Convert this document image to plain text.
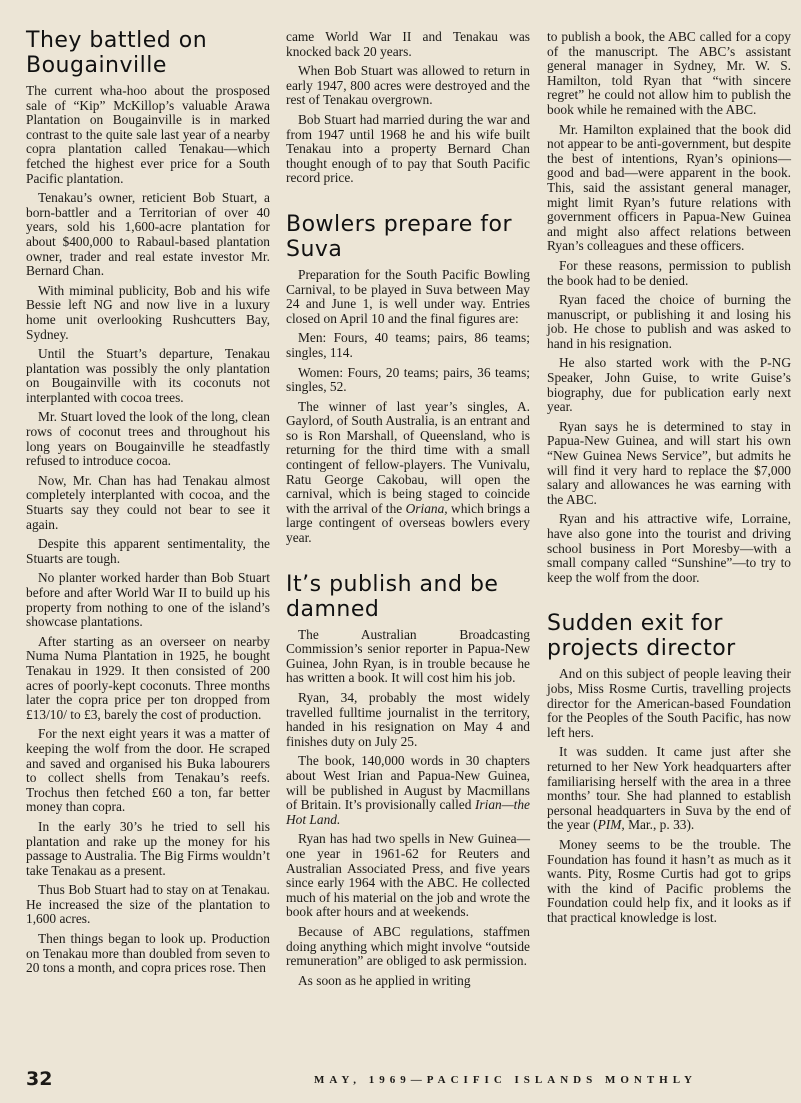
They battled on Bougainville

The current wha-hoo about the prosposed sale of “Kip” McKillop’s valuable Arawa Plantation on Bougainville is in marked contrast to the quite sale last year of a nearby copra plantation called Tenakau—which fetched the highest ever price for a South Pacific plantation.

Tenakau’s owner, reticient Bob Stuart, a born-battler and a Territorian of over 40 years, sold his 1,600-acre plantation for about $400,000 to Rabaul-based plantation owner, trader and real estate investor Mr. Bernard Chan.

With miminal publicity, Bob and his wife Bessie left NG and now live in a luxury home unit overlooking Rushcutters Bay, Sydney.

Until the Stuart’s departure, Tenakau plantation was possibly the only plantation on Bougainville with its coconuts not interplanted with cocoa trees.

Mr. Stuart loved the look of the long, clean rows of coconut trees and throughout his long years on Bougainville he steadfastly refused to introduce cocoa.

Now, Mr. Chan has had Tenakau almost completely interplanted with cocoa, and the Stuarts say they could not bear to see it again.

Despite this apparent sentimentality, the Stuarts are tough.

No planter worked harder than Bob Stuart before and after World War II to build up his property from nothing to one of the island’s showcase plantations.

After starting as an overseer on nearby Numa Numa Plantation in 1925, he bought Tenakau in 1929. It then consisted of 200 acres of poorly-kept coconuts. Three months later the copra price per ton dropped from £13/10/ to £3, barely the cost of production.

For the next eight years it was a matter of keeping the wolf from the door. He scraped and saved and organised his Buka labourers to collect shells from Tenakau’s reefs. Trochus then fetched £60 a ton, far better money than copra.

In the early 30’s he tried to sell his plantation and rake up the money for his passage to Australia. The Big Firms wouldn’t take Tenakau as a present.

Thus Bob Stuart had to stay on at Tenakau. He increased the size of the plantation to 1,600 acres.

Then things began to look up. Production on Tenakau more than doubled from seven to 20 tons a month, and copra prices rose. Then

came World War II and Tenakau was knocked back 20 years.

When Bob Stuart was allowed to return in early 1947, 800 acres were destroyed and the rest of Tenakau overgrown.

Bob Stuart had married during the war and from 1947 until 1968 he and his wife built Tenakau into a property Bernard Chan thought enough of to pay that South Pacific record price.

Bowlers prepare for Suva

Preparation for the South Pacific Bowling Carnival, to be played in Suva between May 24 and June 1, is well under way. Entries closed on April 10 and the final figures are:

Men: Fours, 40 teams; pairs, 86 teams; singles, 114.

Women: Fours, 20 teams; pairs, 36 teams; singles, 52.

The winner of last year’s singles, A. Gaylord, of South Australia, is an entrant and so is Ron Marshall, of Queensland, who is returning for the third time with a small contingent of fellow-players. The Vunivalu, Ratu George Cakobau, will open the carnival, which is being staged to coincide with the arrival of the Oriana, which brings a large contingent of overseas bowlers every year.

It’s publish and be damned

The Australian Broadcasting Commission’s senior reporter in Papua-New Guinea, John Ryan, is in trouble because he has written a book. It will cost him his job.

Ryan, 34, probably the most widely travelled fulltime journalist in the territory, handed in his resignation on May 4 and finishes duty on July 25.

The book, 140,000 words in 30 chapters about West Irian and Papua-New Guinea, will be published in August by Macmillans of Britain. It’s provisionally called Irian—the Hot Land.

Ryan has had two spells in New Guinea—one year in 1961-62 for Reuters and Australian Associated Press, and five years since early 1964 with the ABC. He collected much of his material on the job and wrote the book after hours and at weekends.

Because of ABC regulations, staffmen doing anything which might involve “outside remuneration” are obliged to ask permission.

As soon as he applied in writing

to publish a book, the ABC called for a copy of the manuscript. The ABC’s assistant general manager in Sydney, Mr. W. S. Hamilton, told Ryan that “with sincere regret” he could not allow him to publish the book while he remained with the ABC.

Mr. Hamilton explained that the book did not appear to be anti-government, but despite the best of intentions, Ryan’s opinions—good and bad—were apparent in the book. This, said the assistant general manager, might limit Ryan’s future relations with government officers in Papua-New Guinea and might also affect relations between Ryan’s colleagues and these officers.

For these reasons, permission to publish the book had to be denied.

Ryan faced the choice of burning the manuscript, or publishing it and losing his job. He chose to publish and was asked to hand in his resignation.

He also started work with the P-NG Speaker, John Guise, to write Guise’s biography, due for publication early next year.

Ryan says he is determined to stay in Papua-New Guinea, and will start his own “New Guinea News Service”, but admits he will find it very hard to replace the $7,000 salary and allowances he was earning with the ABC.

Ryan and his attractive wife, Lorraine, have also gone into the tourist and driving school business in Port Moresby—with a small company called “Sunshine”—to try to keep the wolf from the door.

Sudden exit for projects director

And on this subject of people leaving their jobs, Miss Rosme Curtis, travelling projects director for the American-based Foundation for the Peoples of the South Pacific, has now left hers.

It was sudden. It came just after she returned to her New York headquarters after familiarising herself with the area in a three months’ tour. She had planned to establish personal headquarters in Suva by the end of the year (PIM, Mar., p. 33).

Money seems to be the trouble. The Foundation has found it hasn’t as much as it wants. Pity, Rosme Curtis had got to grips with the kind of Pacific problems the Foundation could help fix, and it looks as if that practical knowledge is lost.

32	MAY, 1969—PACIFIC ISLANDS MONTHLY
